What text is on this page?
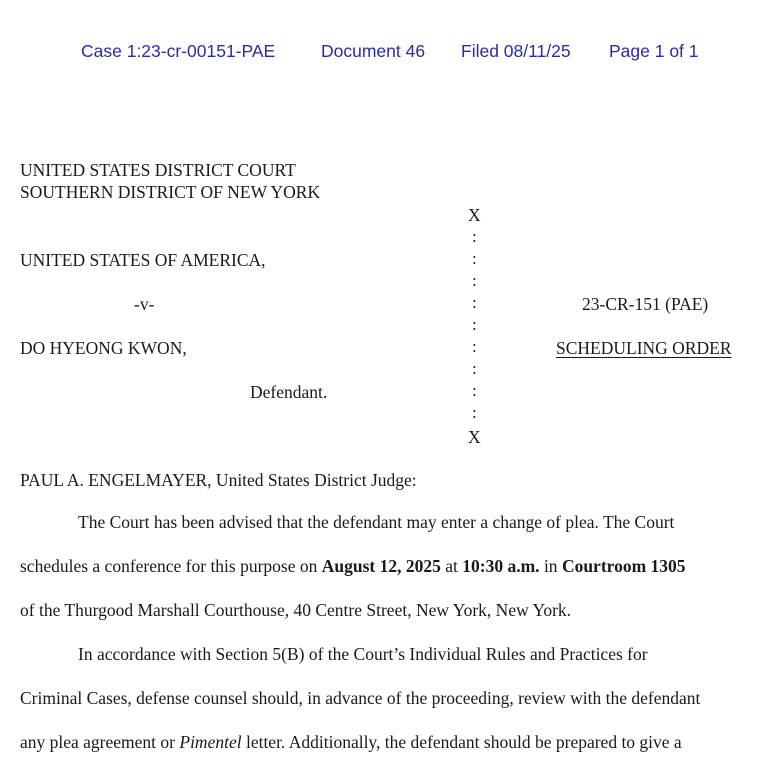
Case 1:23-cr-00151-PAE	Document 46 Filed 08/11/25 Page 1 of 1
UNITED STATES DISTRICT COURT
SOUTHERN DISTRICT OF NEW YORK
X
:
:
:
:
:
:
:
:
:
UNITED STATES OF AMERICA,
-v-
DO HYEONG KWON,
Defendant.
23-CR-151 (PAE)
SCHEDULING ORDER
X
PAUL A. ENGELMAYER, United States District Judge:
The Court has been advised that the defendant may enter a change of plea. The Court
schedules a conference for this purpose on August 12, 2025 at 10:30 a.m. in Courtroom 1305
of the Thurgood Marshall Courthouse, 40 Centre Street, New York, New York.
In accordance with Section 5(B) of the Court’s Individual Rules and Practices for
Criminal Cases, defense counsel should, in advance of the proceeding, review with the defendant
any plea agreement or Pimentel letter. Additionally, the defendant should be prepared to give a
